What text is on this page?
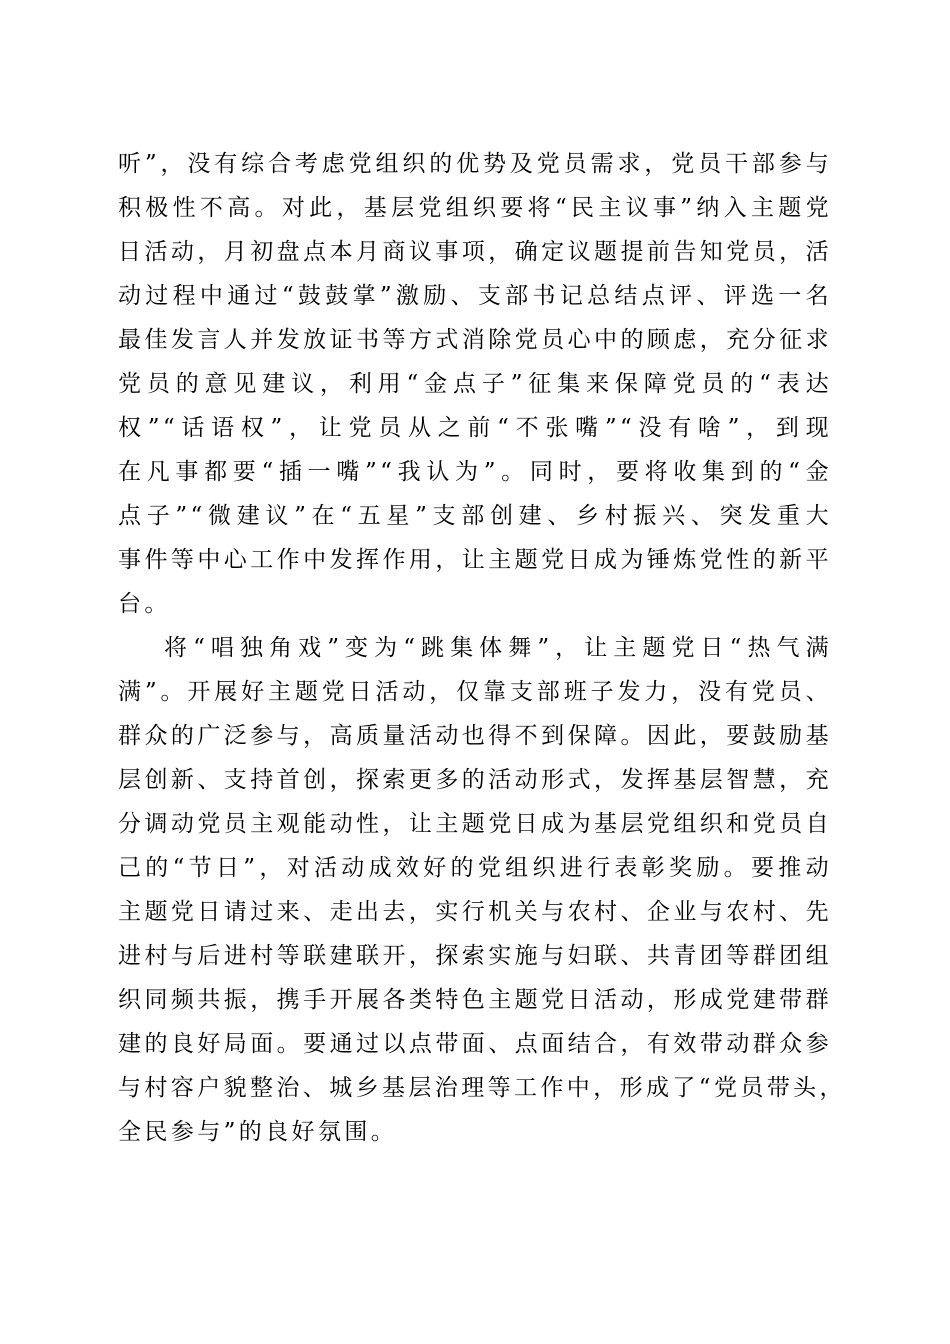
听”，没有综合考虑党组织的优势及党员需求，党员干部参与
积极性不高。对此，基层党组织要将“民主议事”纳入主题党
日活动，月初盘点本月商议事项，确定议题提前告知党员，活
动过程中通过“鼓鼓掌”激励、支部书记总结点评、评选一名
最佳发言人并发放证书等方式消除党员心中的顾虑，充分征求
党员的意见建议，利用“金点子”征集来保障党员的“表达
权”“话语权”，让党员从之前“不张嘴”“没有啥”，到现
在凡事都要“插一嘴”“我认为”。同时，要将收集到的“金
点子”“微建议”在“五星”支部创建、乡村振兴、突发重大
事件等中心工作中发挥作用，让主题党日成为锤炼党性的新平
台。
将“唱独角戏”变为“跳集体舞”，让主题党日“热气满
满”。开展好主题党日活动，仅靠支部班子发力，没有党员、
群众的广泛参与，高质量活动也得不到保障。因此，要鼓励基
层创新、支持首创，探索更多的活动形式，发挥基层智慧，充
分调动党员主观能动性，让主题党日成为基层党组织和党员自
己的“节日”，对活动成效好的党组织进行表彰奖励。要推动
主题党日请过来、走出去，实行机关与农村、企业与农村、先
进村与后进村等联建联开，探索实施与妇联、共青团等群团组
织同频共振，携手开展各类特色主题党日活动，形成党建带群
建的良好局面。要通过以点带面、点面结合，有效带动群众参
与村容户貌整治、城乡基层治理等工作中，形成了“党员带头，
全民参与”的良好氛围。
